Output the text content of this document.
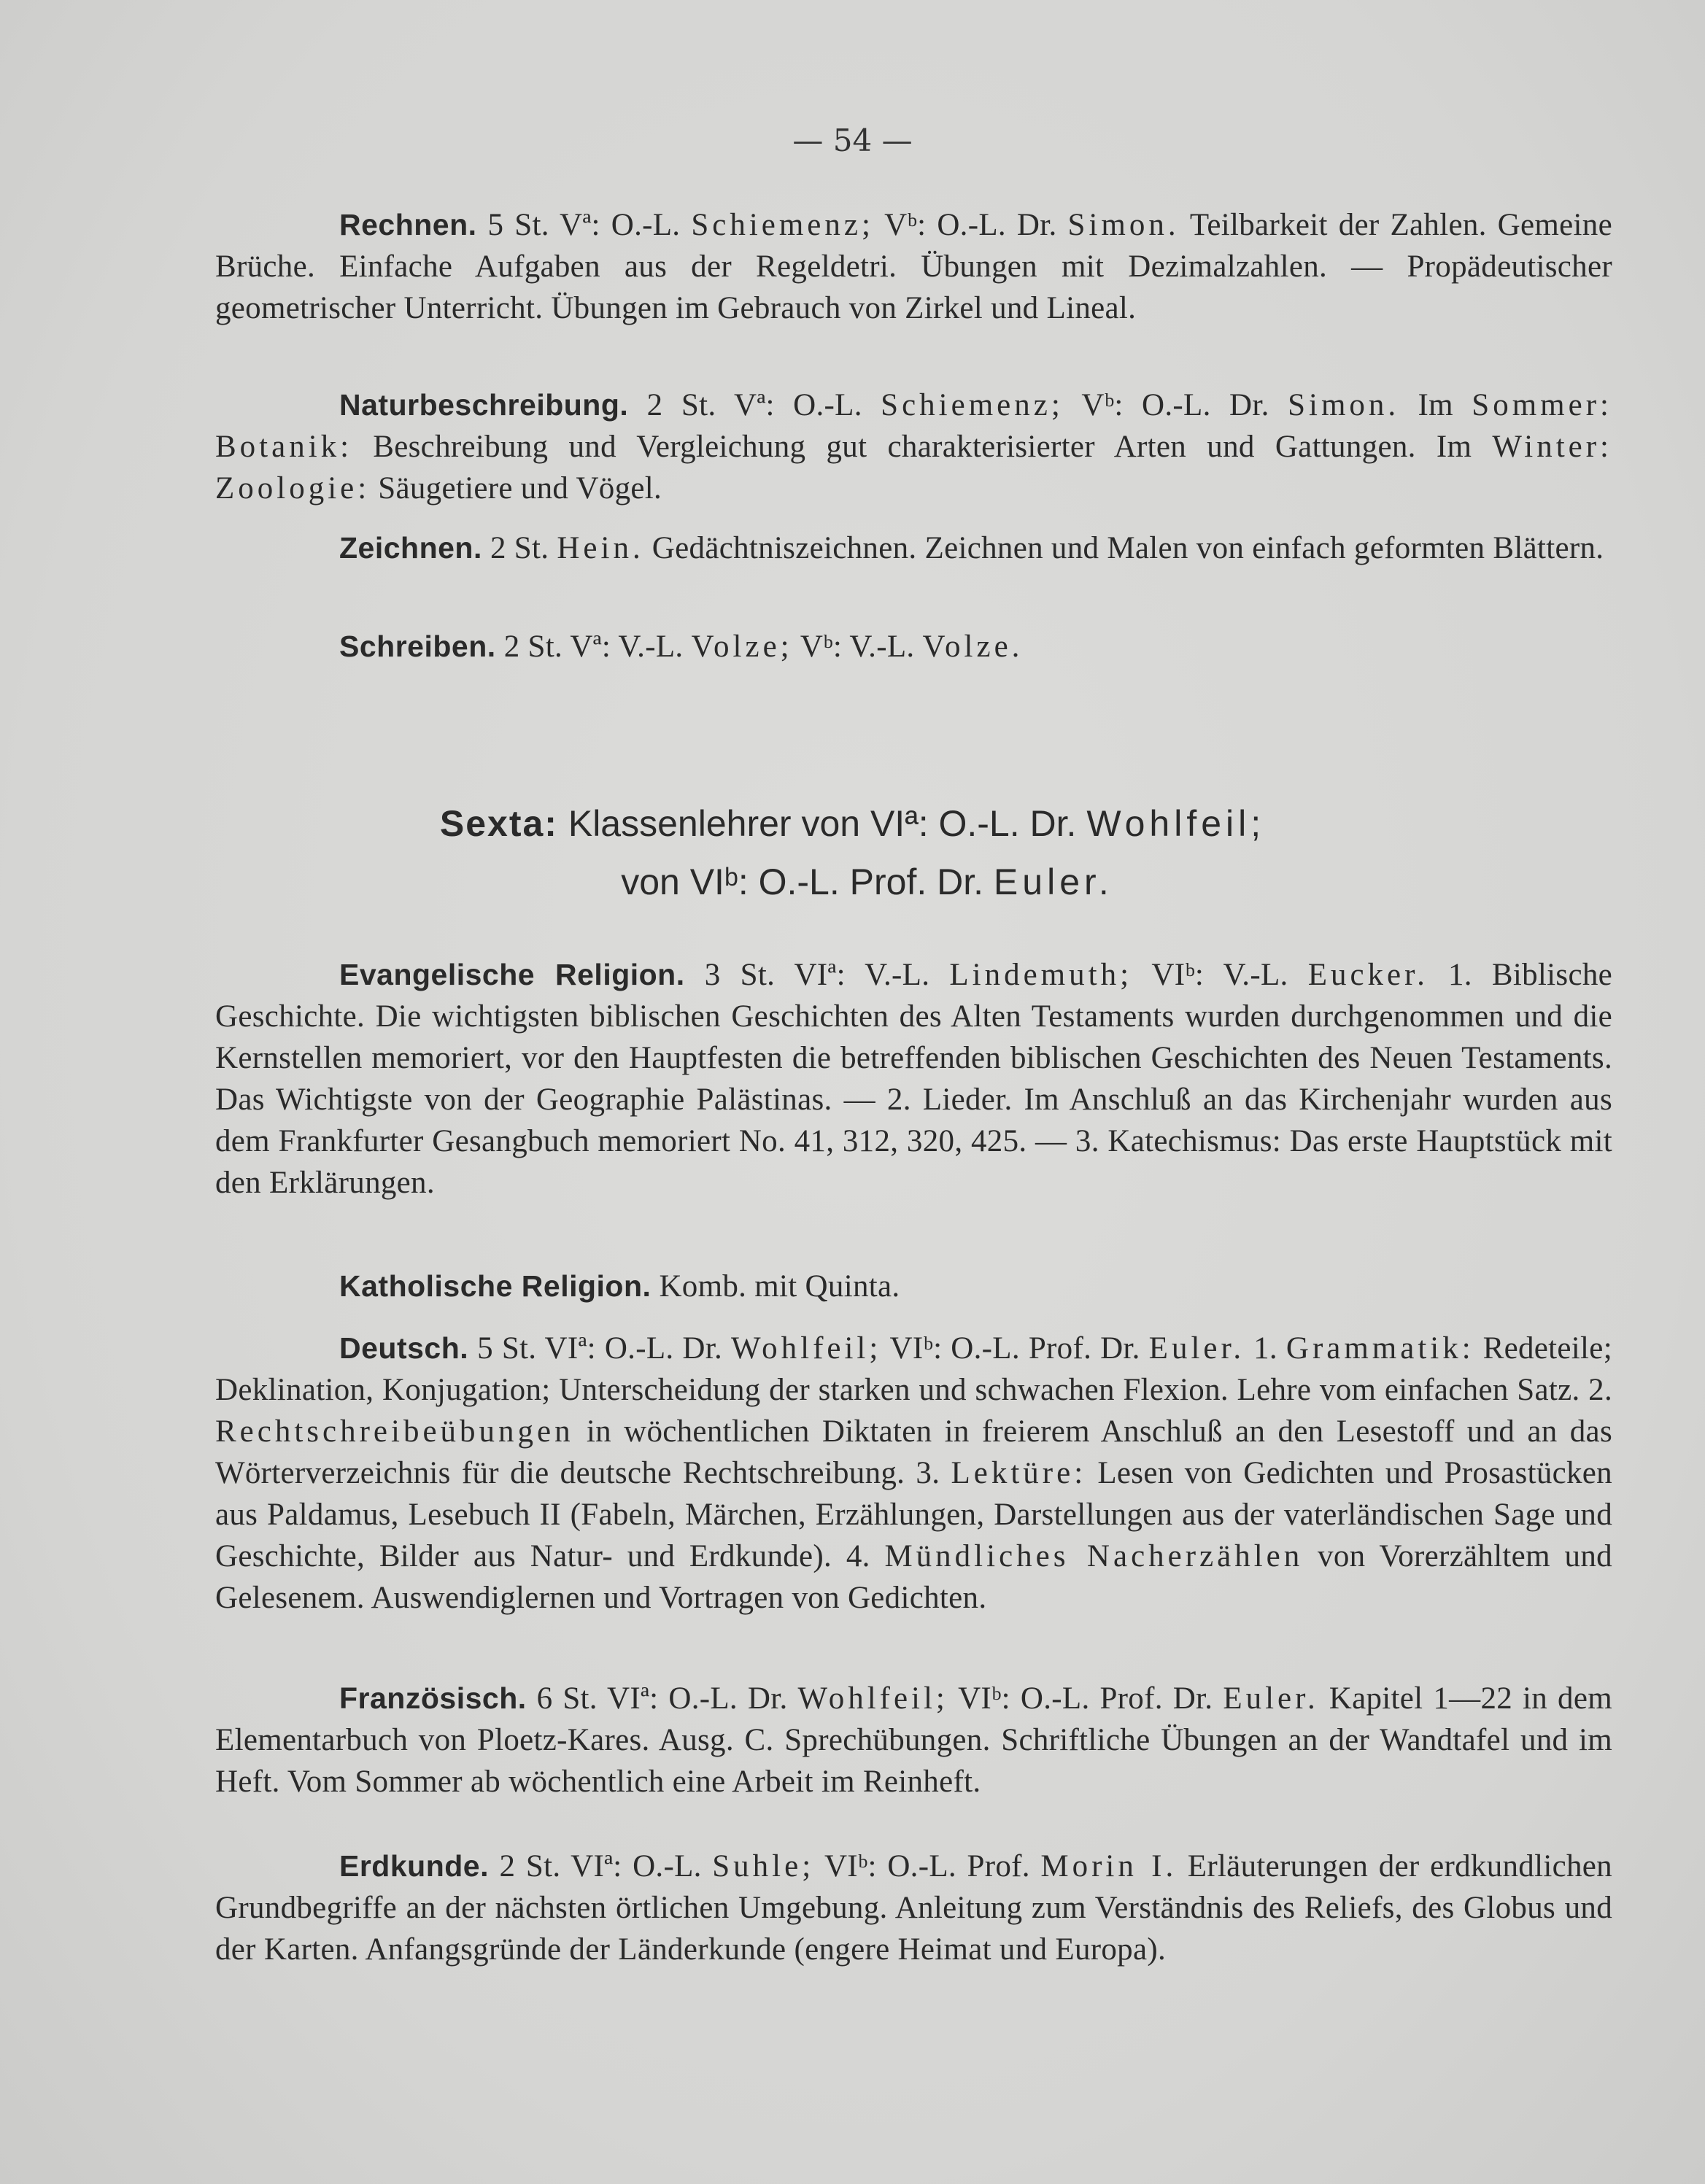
— 54 —

Rechnen. 5 St. Vª: O.-L. Schiemenz; Vᵇ: O.-L. Dr. Simon. Teilbarkeit der Zahlen. Gemeine Brüche. Einfache Aufgaben aus der Regeldetri. Übungen mit Dezimalzahlen. — Propädeutischer geometrischer Unterricht. Übungen im Gebrauch von Zirkel und Lineal.

Naturbeschreibung. 2 St. Vª: O.-L. Schiemenz; Vᵇ: O.-L. Dr. Simon. Im Sommer: Botanik: Beschreibung und Vergleichung gut charakterisierter Arten und Gattungen. Im Winter: Zoologie: Säugetiere und Vögel.

Zeichnen. 2 St. Hein. Gedächtniszeichnen. Zeichnen und Malen von einfach geformten Blättern.

Schreiben. 2 St. Vª: V.-L. Volze; Vᵇ: V.-L. Volze.

Sexta: Klassenlehrer von VIª: O.-L. Dr. Wohlfeil;
von VIᵇ: O.-L. Prof. Dr. Euler.

Evangelische Religion. 3 St. VIª: V.-L. Lindemuth; VIᵇ: V.-L. Eucker. 1. Biblische Geschichte. Die wichtigsten biblischen Geschichten des Alten Testaments wurden durchgenommen und die Kernstellen memoriert, vor den Hauptfesten die betreffenden biblischen Geschichten des Neuen Testaments. Das Wichtigste von der Geographie Palästinas. — 2. Lieder. Im Anschluß an das Kirchenjahr wurden aus dem Frankfurter Gesangbuch memoriert No. 41, 312, 320, 425. — 3. Katechismus: Das erste Hauptstück mit den Erklärungen.

Katholische Religion. Komb. mit Quinta.

Deutsch. 5 St. VIª: O.-L. Dr. Wohlfeil; VIᵇ: O.-L. Prof. Dr. Euler. 1. Grammatik: Redeteile; Deklination, Konjugation; Unterscheidung der starken und schwachen Flexion. Lehre vom einfachen Satz. 2. Rechtschreibeübungen in wöchentlichen Diktaten in freierem Anschluß an den Lesestoff und an das Wörterverzeichnis für die deutsche Rechtschreibung. 3. Lektüre: Lesen von Gedichten und Prosastücken aus Paldamus, Lesebuch II (Fabeln, Märchen, Erzählungen, Darstellungen aus der vaterländischen Sage und Geschichte, Bilder aus Natur- und Erdkunde). 4. Mündliches Nacherzählen von Vorerzähltem und Gelesenem. Auswendiglernen und Vortragen von Gedichten.

Französisch. 6 St. VIª: O.-L. Dr. Wohlfeil; VIᵇ: O.-L. Prof. Dr. Euler. Kapitel 1—22 in dem Elementarbuch von Ploetz-Kares. Ausg. C. Sprechübungen. Schriftliche Übungen an der Wandtafel und im Heft. Vom Sommer ab wöchentlich eine Arbeit im Reinheft.

Erdkunde. 2 St. VIª: O.-L. Suhle; VIᵇ: O.-L. Prof. Morin I. Erläuterungen der erdkundlichen Grundbegriffe an der nächsten örtlichen Umgebung. Anleitung zum Verständnis des Reliefs, des Globus und der Karten. Anfangsgründe der Länderkunde (engere Heimat und Europa).
